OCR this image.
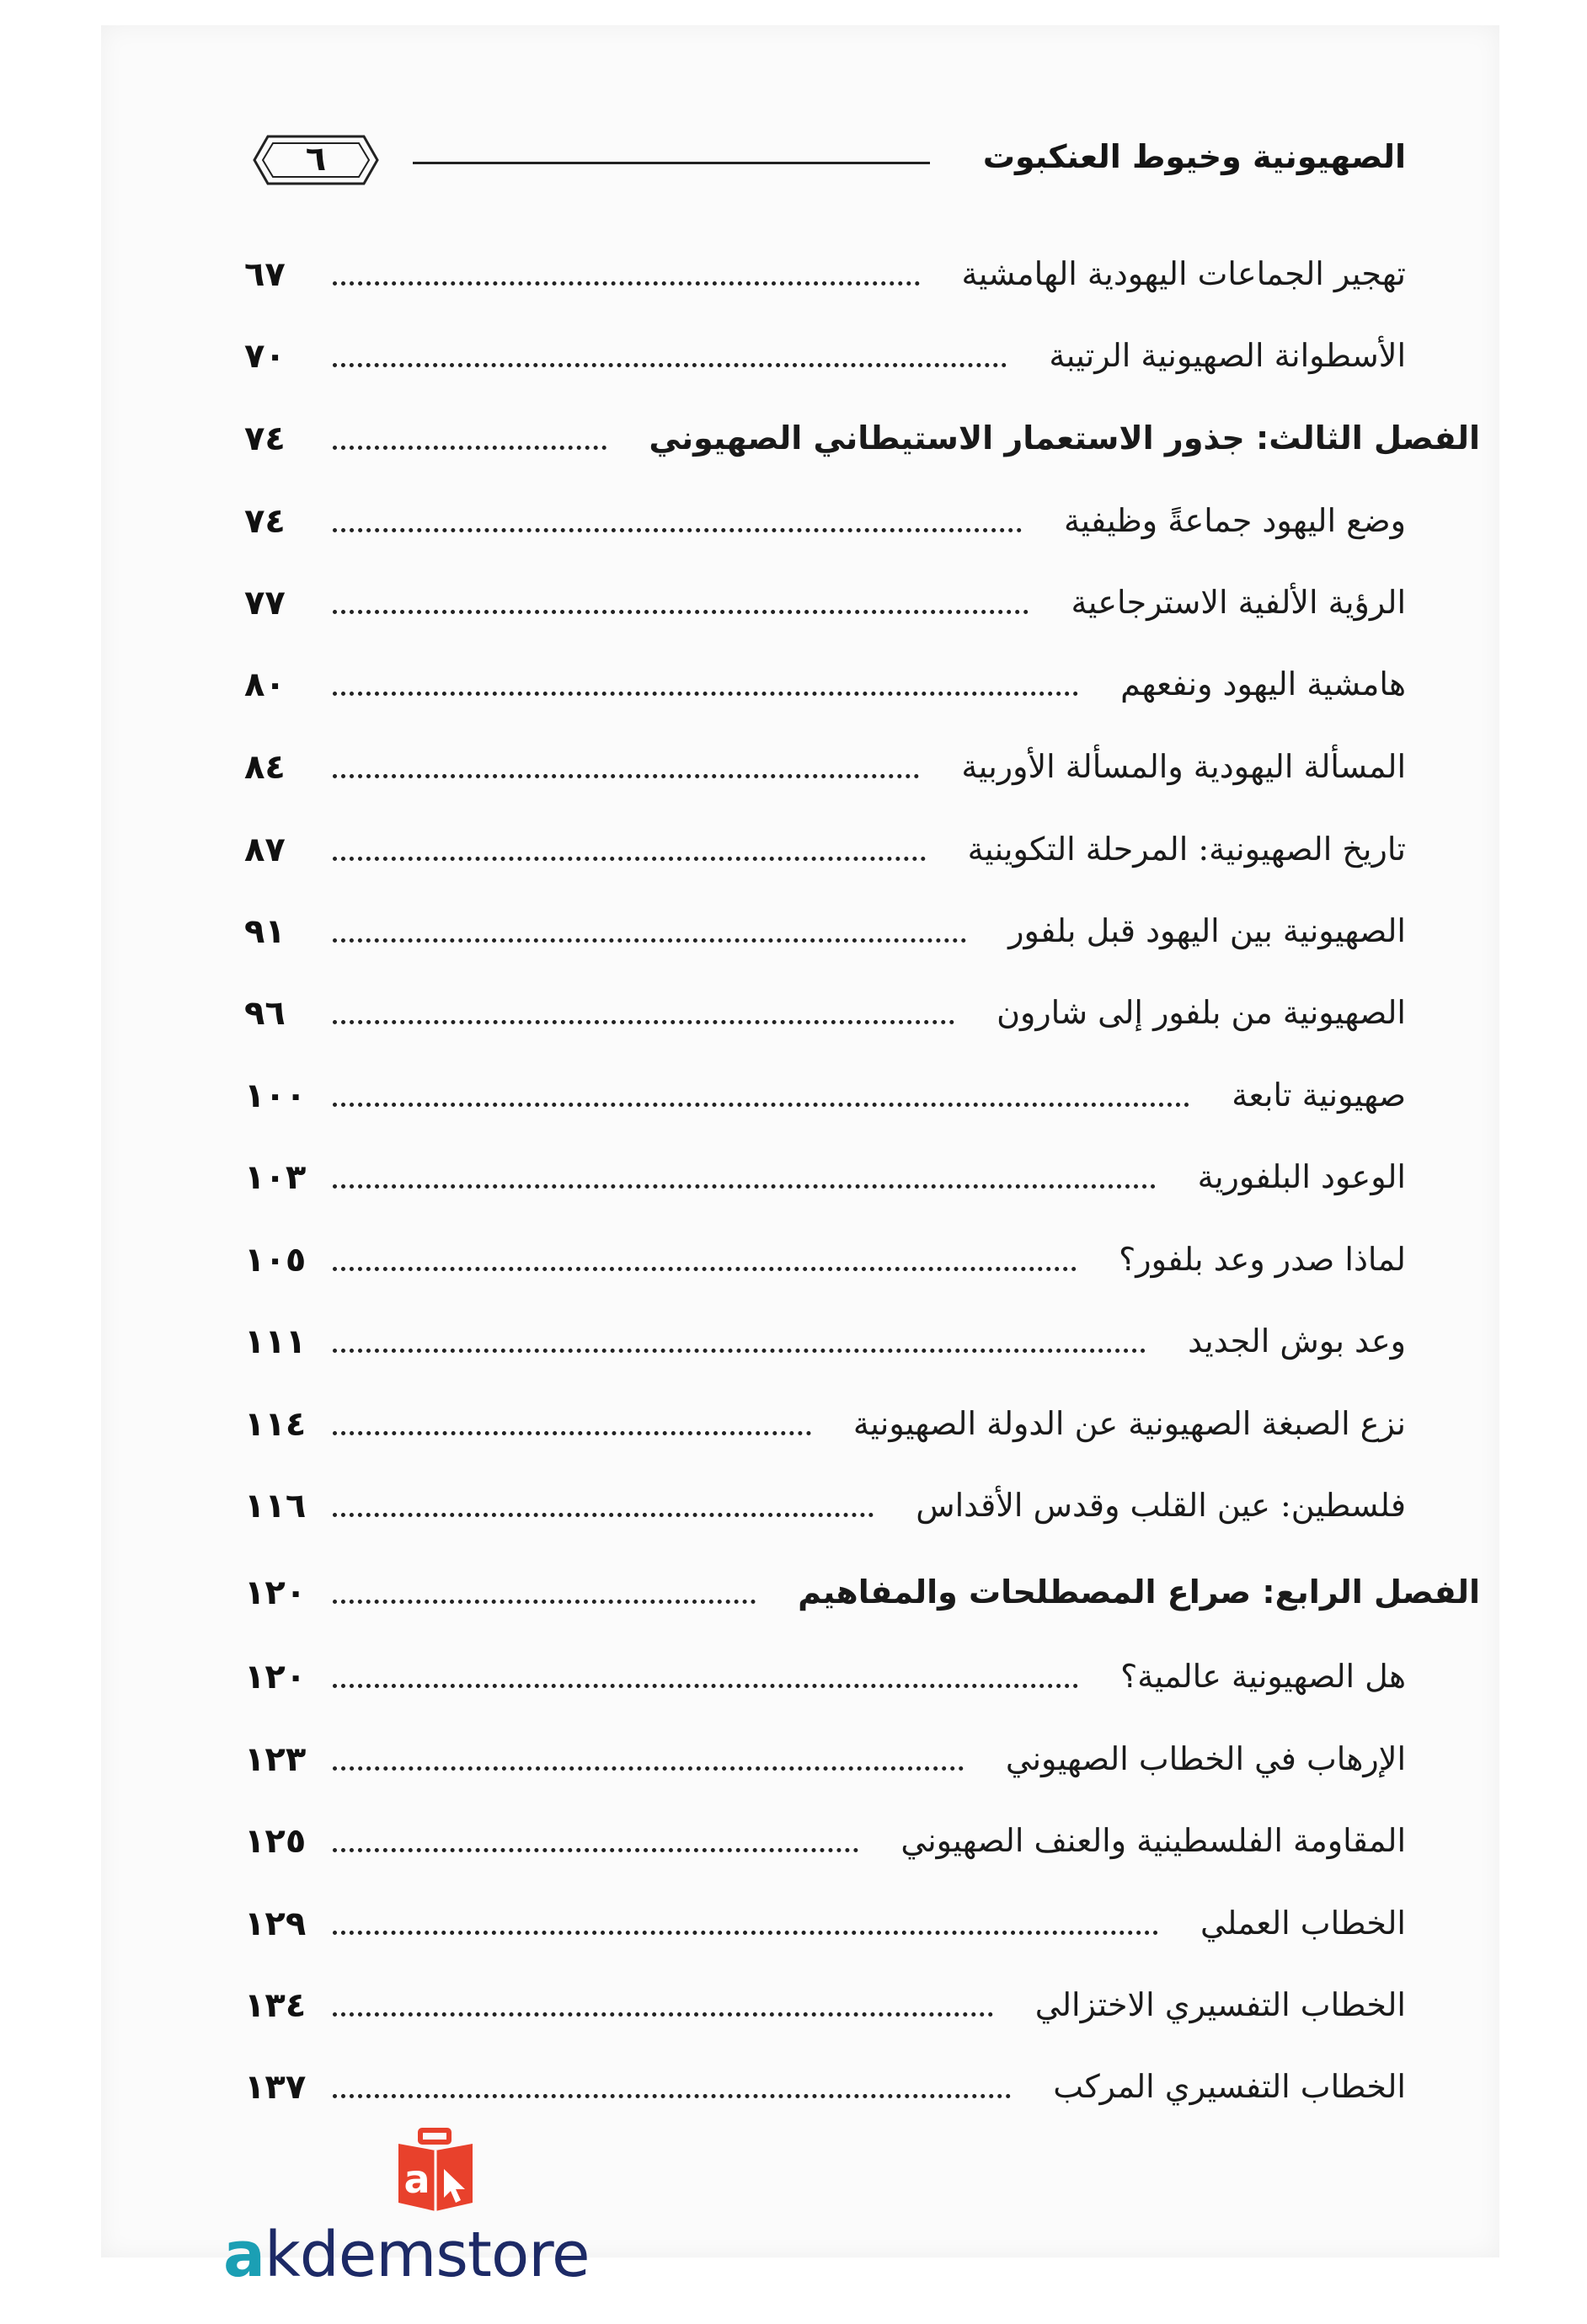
الصهيونية وخيوط العنكبوت
٦
تهجير الجماعات اليهودية الهامشية
٦٧
الأسطوانة الصهيونية الرتيبة
٧٠
الفصل الثالث: جذور الاستعمار الاستيطاني الصهيوني
٧٤
وضع اليهود جماعةً وظيفية
٧٤
الرؤية الألفية الاسترجاعية
٧٧
هامشية اليهود ونفعهم
٨٠
المسألة اليهودية والمسألة الأوربية
٨٤
تاريخ الصهيونية: المرحلة التكوينية
٨٧
الصهيونية بين اليهود قبل بلفور
٩١
الصهيونية من بلفور إلى شارون
٩٦
صهيونية تابعة
١٠٠
الوعود البلفورية
١٠٣
لماذا صدر وعد بلفور؟
١٠٥
وعد بوش الجديد
١١١
نزع الصبغة الصهيونية عن الدولة الصهيونية
١١٤
فلسطين: عين القلب وقدس الأقداس
١١٦
الفصل الرابع: صراع المصطلحات والمفاهيم
١٢٠
هل الصهيونية عالمية؟
١٢٠
الإرهاب في الخطاب الصهيوني
١٢٣
المقاومة الفلسطينية والعنف الصهيوني
١٢٥
الخطاب العملي
١٢٩
الخطاب التفسيري الاختزالي
١٣٤
الخطاب التفسيري المركب
١٣٧
a
akdemstore
